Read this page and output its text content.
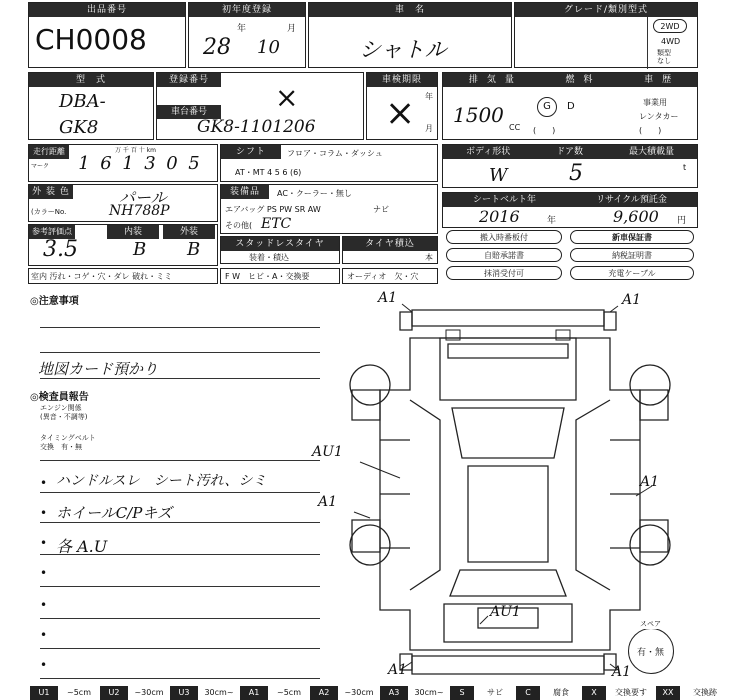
出品番号
CH0008
初年度登録
28
年
10
月
車　名
シャトル
グレード/類別型式
2WD
4WD
類型
なし
型　式
DBA-
GK8
登録番号
×
車台番号
GK8-1101206
車検期限
× 年
月
排　気　量	燃　料	車　歴
1500
CC
G	D
(　　)
事業用
レンタカー
(　　)
走行距離
マーク
万 千 百 十 km
1 6 1 3 0 5
シフト	フロア・コラム・ダッシュ
AT・MT 4 5 6 (6)
ボディ形状	ドア数	最大積載量
W	5	t
外 装 色	パール
(カラーNo.	NH788P
装備品	AC・クーラー・無し
エアバッグ PS PW SR AW
その他( ETC
ナビ
シートベルト年	リサイクル預託金
2016	年	9,600 円
参考評価点
3.5
内装
B
外装
B	スタッドレスタイヤ
装着・積込
タイヤ積込
本
搬入時番板付
自賠承諾書
抹消受付可
新車保証書
納税証明書
充電ケーブル
室内 汚れ・コゲ・穴・ダレ 破れ・ミミ	F W　ヒビ・A・交換要	オーディオ　欠・穴
◎注意事項
地図カード預かり
◎検査員報告
エンジン関係
(異音・不調等)
タイミングベルト
交換　有・無
• ハンドルスレ　シート汚れ、シミ
• ホイールC/Pキズ
• 各 A.U
•
•
•
•
A1	A1
AU1
A1
AU1
A1
A1	A1
スペア
有・無
U1	~5cm	U2	~30cm	U3	30cm~	A1	~5cm	A2	~30cm	A3	30cm~	S	サビ	C	腐食	X	交換要す	XX	交換跡
